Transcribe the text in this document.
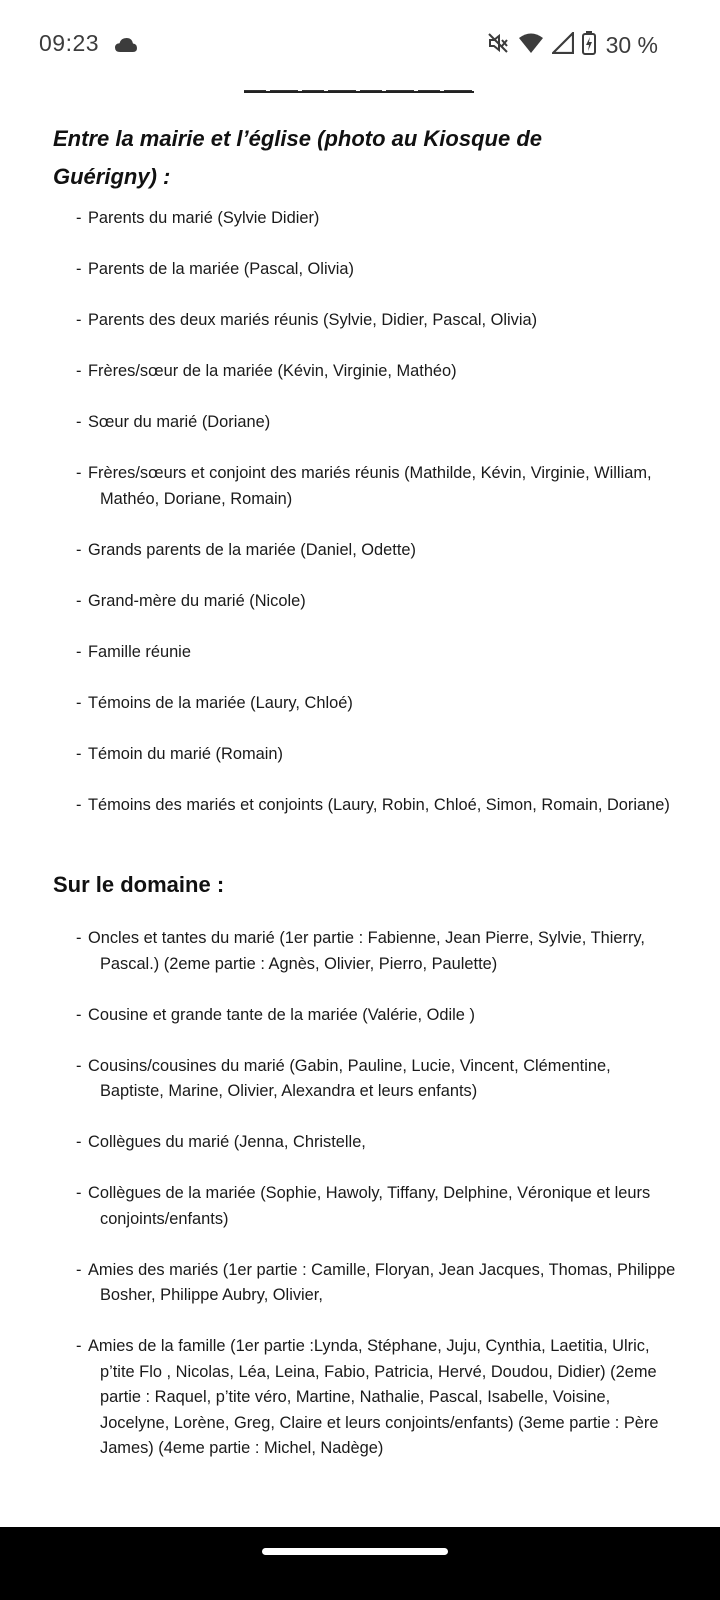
09:23	30 %
Entre la mairie et l’église (photo au Kiosque de Guérigny) :
- Parents du marié (Sylvie Didier)
- Parents de la mariée (Pascal, Olivia)
- Parents des deux mariés réunis (Sylvie, Didier, Pascal, Olivia)
- Frères/sœur de la mariée (Kévin, Virginie, Mathéo)
- Sœur du marié (Doriane)
- Frères/sœurs et conjoint des mariés réunis (Mathilde, Kévin, Virginie, William, Mathéo, Doriane, Romain)
- Grands parents de la mariée (Daniel, Odette)
- Grand-mère du marié (Nicole)
- Famille réunie
- Témoins de la mariée (Laury, Chloé)
- Témoin du marié (Romain)
- Témoins des mariés et conjoints (Laury, Robin, Chloé, Simon, Romain, Doriane)
Sur le domaine :
- Oncles et tantes du marié (1er partie : Fabienne, Jean Pierre, Sylvie, Thierry, Pascal.) (2eme partie : Agnès, Olivier, Pierro, Paulette)
- Cousine et grande tante de la mariée (Valérie, Odile )
- Cousins/cousines du marié (Gabin, Pauline, Lucie, Vincent, Clémentine, Baptiste, Marine, Olivier, Alexandra et leurs enfants)
- Collègues du marié (Jenna, Christelle,
- Collègues de la mariée (Sophie, Hawoly, Tiffany, Delphine, Véronique et leurs conjoints/enfants)
- Amies des mariés (1er partie : Camille, Floryan, Jean Jacques, Thomas, Philippe Bosher, Philippe Aubry, Olivier,
- Amies de la famille (1er partie :Lynda, Stéphane, Juju, Cynthia, Laetitia, Ulric, p’tite Flo , Nicolas, Léa, Leina, Fabio, Patricia, Hervé, Doudou, Didier) (2eme partie : Raquel, p’tite véro, Martine, Nathalie, Pascal, Isabelle, Voisine, Jocelyne, Lorène, Greg, Claire et leurs conjoints/enfants) (3eme partie : Père James) (4eme partie : Michel, Nadège)
